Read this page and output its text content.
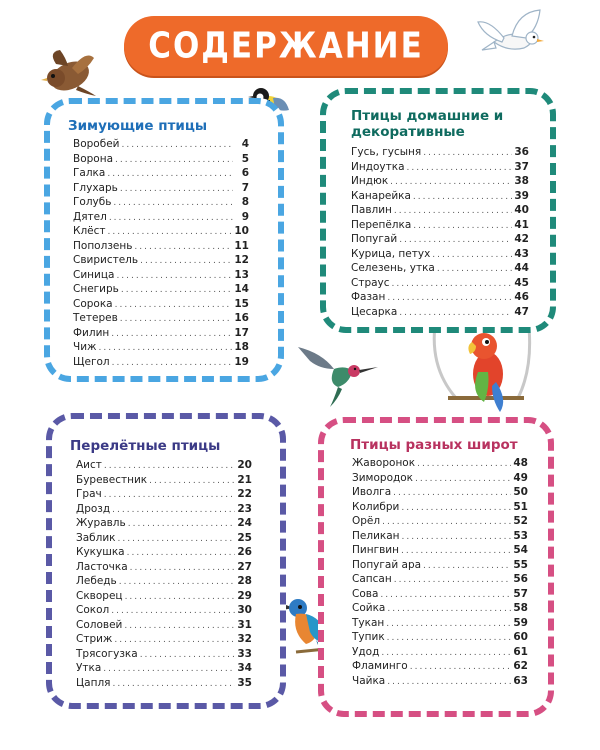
СОДЕРЖАНИЕ
Зимующие птицы
Воробей .....	4
Ворона .....	5
Галка .....	6
Глухарь .....	7
Голубь .....	8
Дятел .....	9
Клёст .....	10
Поползень .....	11
Свиристель .....	12
Синица .....	13
Снегирь .....	14
Сорока .....	15
Тетерев .....	16
Филин .....	17
Чиж .....	18
Щегол .....	19
Птицы домашние и декоративные
Гусь, гусыня .....	36
Индоутка .....	37
Индюк .....	38
Канарейка .....	39
Павлин .....	40
Перепёлка .....	41
Попугай .....	42
Курица, петух .....	43
Селезень, утка .....	44
Страус .....	45
Фазан .....	46
Цесарка .....	47
Перелётные птицы
Аист .....	20
Буревестник .....	21
Грач .....	22
Дрозд .....	23
Журавль .....	24
Заблик .....	25
Кукушка .....	26
Ласточка .....	27
Лебедь .....	28
Скворец .....	29
Сокол .....	30
Соловей .....	31
Стриж .....	32
Трясогузка .....	33
Утка .....	34
Цапля .....	35
Птицы разных широт
Жаворонок .....	48
Зимородок .....	49
Иволга .....	50
Колибри .....	51
Орёл .....	52
Пеликан .....	53
Пингвин .....	54
Попугай ара .....	55
Сапсан .....	56
Сова .....	57
Сойка .....	58
Тукан .....	59
Тупик .....	60
Удод .....	61
Фламинго .....	62
Чайка .....	63
